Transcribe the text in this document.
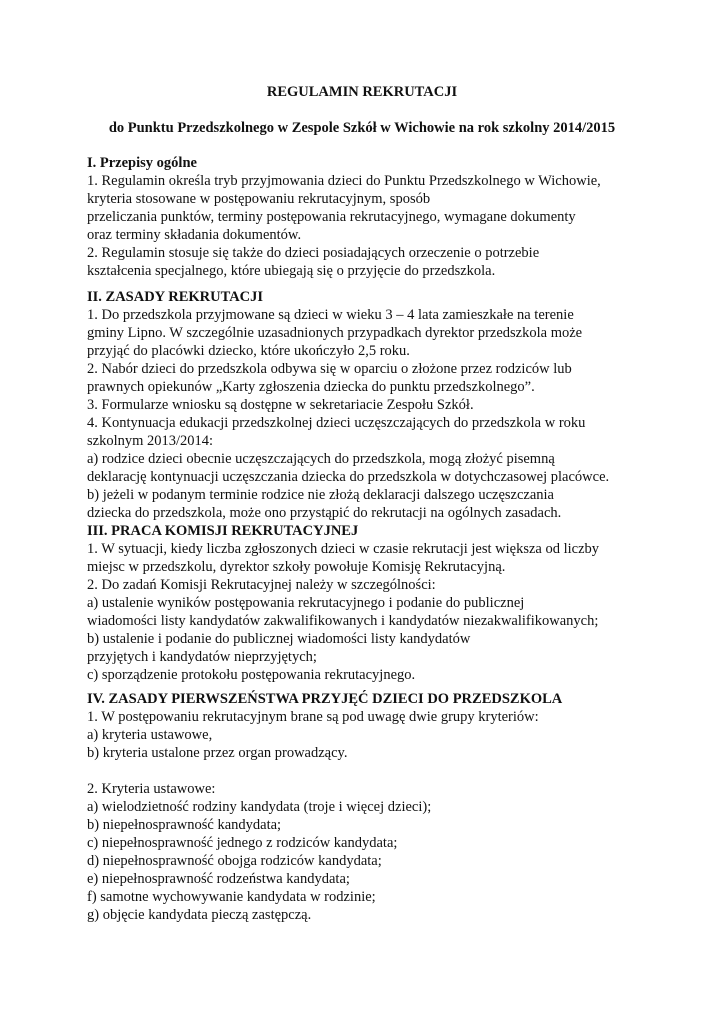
REGULAMIN REKRUTACJI
do Punktu Przedszkolnego w Zespole Szkół w Wichowie na rok szkolny 2014/2015
I. Przepisy ogólne

1. Regulamin określa tryb przyjmowania dzieci do Punktu Przedszkolnego w Wichowie,

kryteria stosowane w postępowaniu rekrutacyjnym, sposób

przeliczania punktów, terminy postępowania rekrutacyjnego, wymagane dokumenty

oraz terminy składania dokumentów.

2. Regulamin stosuje się także do dzieci posiadających orzeczenie o potrzebie

kształcenia specjalnego, które ubiegają się o przyjęcie do przedszkola.

II. ZASADY REKRUTACJI

1. Do przedszkola przyjmowane są dzieci w wieku 3 – 4 lata zamieszkałe na terenie

gminy Lipno. W szczególnie uzasadnionych przypadkach dyrektor przedszkola może

przyjąć do placówki dziecko, które ukończyło 2,5 roku.

2. Nabór dzieci do przedszkola odbywa się w oparciu o złożone przez rodziców lub

prawnych opiekunów „Karty zgłoszenia dziecka do punktu przedszkolnego”.

3. Formularze wniosku są dostępne w sekretariacie Zespołu Szkół.

4. Kontynuacja edukacji przedszkolnej dzieci uczęszczających do przedszkola w roku

szkolnym 2013/2014:

a) rodzice dzieci obecnie uczęszczających do przedszkola, mogą złożyć pisemną

deklarację kontynuacji uczęszczania dziecka do przedszkola w dotychczasowej placówce.

b) jeżeli w podanym terminie rodzice nie złożą deklaracji dalszego uczęszczania

dziecka do przedszkola, może ono przystąpić do rekrutacji na ogólnych zasadach.

III. PRACA KOMISJI REKRUTACYJNEJ

1. W sytuacji, kiedy liczba zgłoszonych dzieci w czasie rekrutacji jest większa od liczby

miejsc w przedszkolu, dyrektor szkoły powołuje Komisję Rekrutacyjną.

2. Do zadań Komisji Rekrutacyjnej należy w szczególności:

a) ustalenie wyników postępowania rekrutacyjnego i podanie do publicznej

wiadomości listy kandydatów zakwalifikowanych i kandydatów niezakwalifikowanych;

b) ustalenie i podanie do publicznej wiadomości listy kandydatów

przyjętych i kandydatów nieprzyjętych;

c) sporządzenie protokołu postępowania rekrutacyjnego.

IV. ZASADY PIERWSZEŃSTWA PRZYJĘĆ DZIECI DO PRZEDSZKOLA

1. W postępowaniu rekrutacyjnym brane są pod uwagę dwie grupy kryteriów:

a) kryteria ustawowe,

b) kryteria ustalone przez organ prowadzący.

2. Kryteria ustawowe:

a) wielodzietność rodziny kandydata (troje i więcej dzieci);

b) niepełnosprawność kandydata;

c) niepełnosprawność jednego z rodziców kandydata;

d) niepełnosprawność obojga rodziców kandydata;

e) niepełnosprawność rodzeństwa kandydata;

f) samotne wychowywanie kandydata w rodzinie;

g) objęcie kandydata pieczą zastępczą.
